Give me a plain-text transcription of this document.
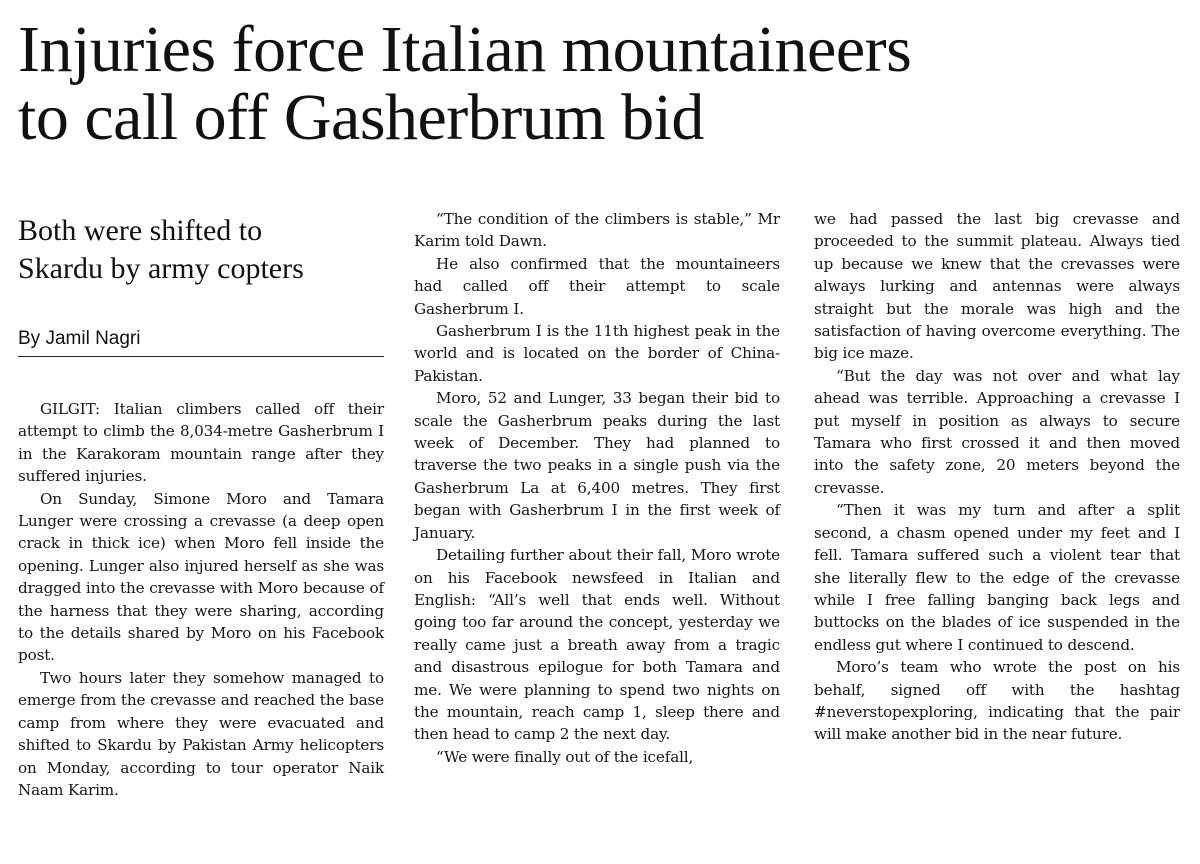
Injuries force Italian mountaineers
to call off Gasherbrum bid
Both were shifted to
Skardu by army copters
By Jamil Nagri

GILGIT: Italian climbers called off their attempt to climb the 8,034-metre Gasherbrum I in the Karakoram mountain range after they suffered injuries.

On Sunday, Simone Moro and Tamara Lunger were crossing a crevasse (a deep open crack in thick ice) when Moro fell inside the opening. Lunger also injured herself as she was dragged into the crevasse with Moro because of the harness that they were sharing, according to the details shared by Moro on his Facebook post.

Two hours later they somehow managed to emerge from the crevasse and reached the base camp from where they were evacuated and shifted to Skardu by Pakistan Army helicopters on Monday, according to tour operator Naik Naam Karim.

“The condition of the climbers is stable,” Mr Karim told Dawn.

He also confirmed that the mountaineers had called off their attempt to scale Gasherbrum I.

Gasherbrum I is the 11th highest peak in the world and is located on the border of China-Pakistan.

Moro, 52 and Lunger, 33 began their bid to scale the Gasherbrum peaks during the last week of December. They had planned to traverse the two peaks in a single push via the Gasherbrum La at 6,400 metres. They first began with Gasherbrum I in the first week of January.

Detailing further about their fall, Moro wrote on his Facebook newsfeed in Italian and English: “All’s well that ends well. Without going too far around the concept, yesterday we really came just a breath away from a tragic and disastrous epilogue for both Tamara and me. We were planning to spend two nights on the mountain, reach camp 1, sleep there and then head to camp 2 the next day.

“We were finally out of the icefall,

we had passed the last big crevasse and proceeded to the summit plateau. Always tied up because we knew that the crevasses were always lurking and antennas were always straight but the morale was high and the satisfaction of having overcome everything. The big ice maze.

“But the day was not over and what lay ahead was terrible. Approaching a crevasse I put myself in position as always to secure Tamara who first crossed it and then moved into the safety zone, 20 meters beyond the crevasse.

“Then it was my turn and after a split second, a chasm opened under my feet and I fell. Tamara suffered such a violent tear that she literally flew to the edge of the crevasse while I free falling banging back legs and buttocks on the blades of ice suspended in the endless gut where I continued to descend.

Moro’s team who wrote the post on his behalf, signed off with the hashtag #neverstopexploring, indicating that the pair will make another bid in the near future.
